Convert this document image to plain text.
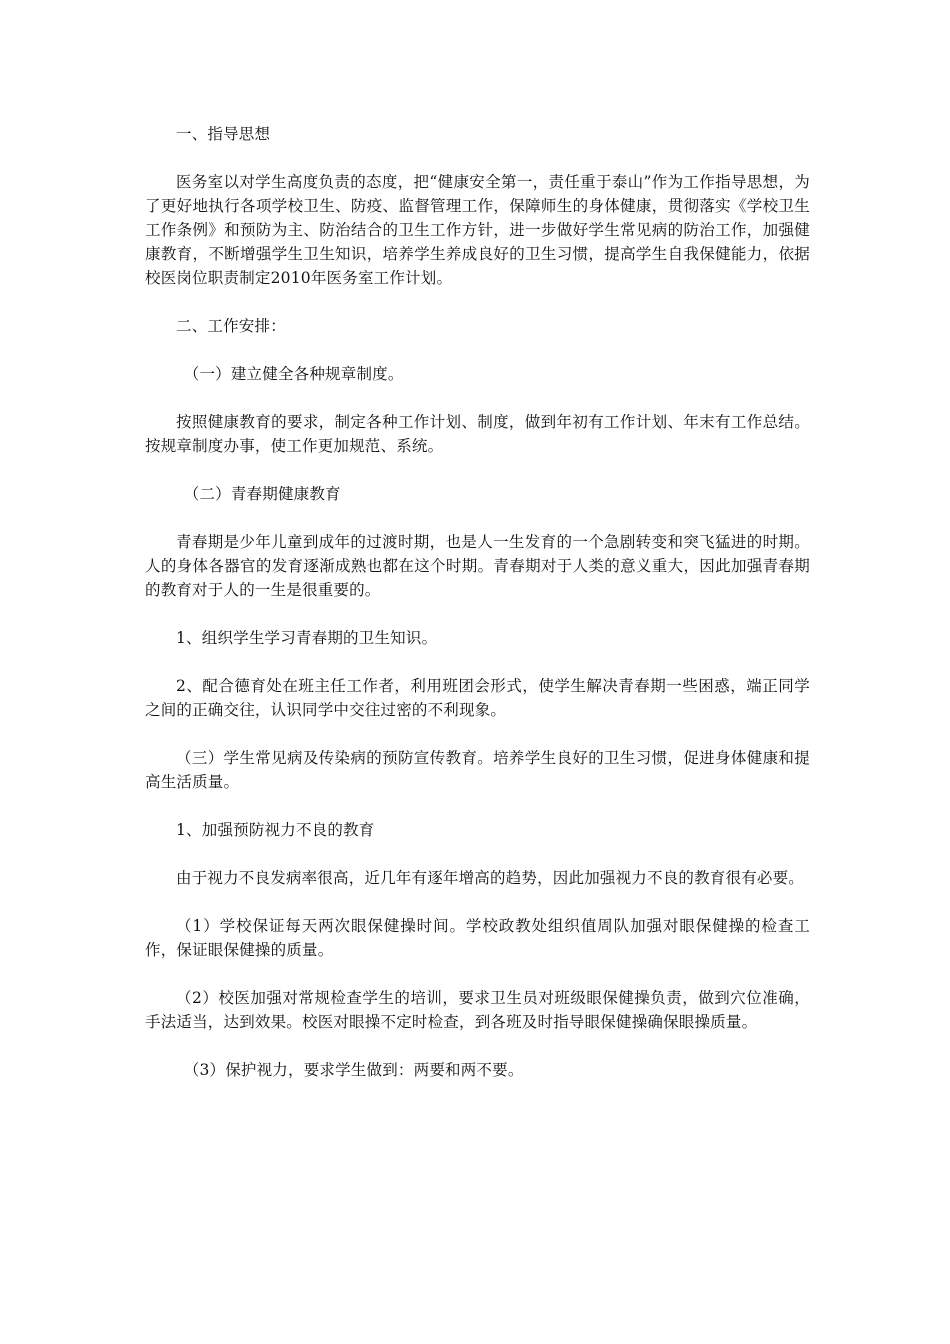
一、指导思想

医务室以对学生高度负责的态度，把“健康安全第一，责任重于泰山”作为工作指导思想，为了更好地执行各项学校卫生、防疫、监督管理工作，保障师生的身体健康，贯彻落实《学校卫生工作条例》和预防为主、防治结合的卫生工作方针，进一步做好学生常见病的防治工作，加强健康教育，不断增强学生卫生知识，培养学生养成良好的卫生习惯，提高学生自我保健能力，依据校医岗位职责制定2010年医务室工作计划。

二、工作安排：

（一）建立健全各种规章制度。

按照健康教育的要求，制定各种工作计划、制度，做到年初有工作计划、年末有工作总结。按规章制度办事，使工作更加规范、系统。

（二）青春期健康教育

青春期是少年儿童到成年的过渡时期，也是人一生发育的一个急剧转变和突飞猛进的时期。人的身体各器官的发育逐渐成熟也都在这个时期。青春期对于人类的意义重大，因此加强青春期的教育对于人的一生是很重要的。

1、组织学生学习青春期的卫生知识。

2、配合德育处在班主任工作者，利用班团会形式，使学生解决青春期一些困惑，端正同学之间的正确交往，认识同学中交往过密的不利现象。

（三）学生常见病及传染病的预防宣传教育。培养学生良好的卫生习惯，促进身体健康和提高生活质量。

1、加强预防视力不良的教育

由于视力不良发病率很高，近几年有逐年增高的趋势，因此加强视力不良的教育很有必要。

（1）学校保证每天两次眼保健操时间。学校政教处组织值周队加强对眼保健操的检查工作，保证眼保健操的质量。

（2）校医加强对常规检查学生的培训，要求卫生员对班级眼保健操负责，做到穴位准确，手法适当，达到效果。校医对眼操不定时检查，到各班及时指导眼保健操确保眼操质量。

（3）保护视力，要求学生做到：两要和两不要。
